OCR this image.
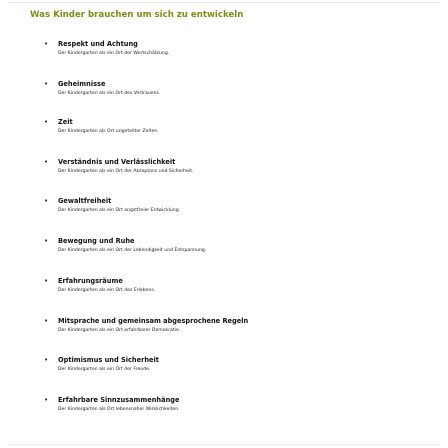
Was Kinder brauchen um sich zu entwickeln
• Respekt und Achtung
Der Kindergarten als ein Ort der Wertschätzung.
• Geheimnisse
Der Kindergarten als ein Ort des Vertrauens.
• Zeit
Der Kindergarten als Ort ungeteilter Zeiten.
• Verständnis und Verlässlichkeit
Der Kindergarten als ein Ort der Akzeptanz und Sicherheit.
• Gewaltfreiheit
Der Kindergarten als ein Ort angstfreier Entwicklung.
• Bewegung und Ruhe
Der Kindergarten als ein Ort der Lebendigkeit und Entspannung.
• Erfahrungsräume
Der Kindergarten als ein Ort des Erlebens.
• Mitsprache und gemeinsam abgesprochene Regeln
Der Kindergarten als ein Ort erfahrbarer Demokratie.
• Optimismus und Sicherheit
Der Kindergarten als ein Ort der Freude.
• Erfahrbare Sinnzusammenhänge
Der Kindergarten als Ort lebensnaher Wirklichkeiten.
